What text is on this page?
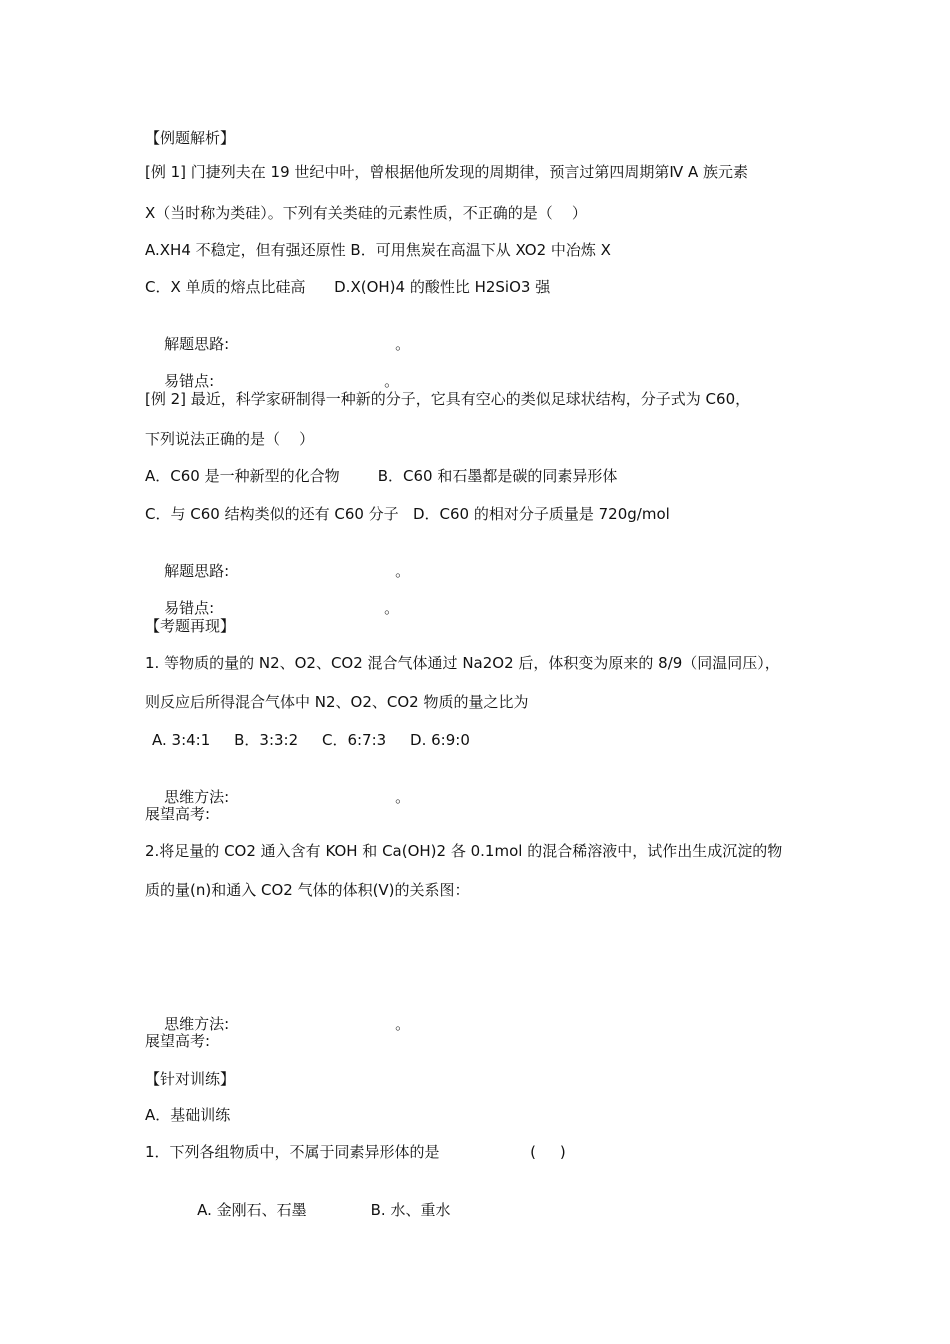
【例题解析】
[例 1] 门捷列夫在 19 世纪中叶，曾根据他所发现的周期律，预言过第四周期第Ⅳ A 族元素
X（当时称为类硅）。下列有关类硅的元素性质，不正确的是（    ）
A.XH4 不稳定，但有强还原性 B．可用焦炭在高温下从 XO2 中冶炼 X
C．X 单质的熔点比硅高      D.X(OH)4 的酸性比 H2SiO3 强

解题思路:	。

易错点:	。

[例 2] 最近，科学家研制得一种新的分子，它具有空心的类似足球状结构，分子式为 C60，
下列说法正确的是（    ）
A．C60 是一种新型的化合物        B．C60 和石墨都是碳的同素异形体
C．与 C60 结构类似的还有 C60 分子   D．C60 的相对分子质量是 720g/mol

解题思路:	。

易错点:	。

【考题再现】
1. 等物质的量的 N2、O2、CO2 混合气体通过 Na2O2 后，体积变为原来的 8/9（同温同压），
则反应后所得混合气体中 N2、O2、CO2 物质的量之比为
A. 3:4:1     B．3:3:2     C．6:7:3     D. 6:9:0

思维方法:	。

展望高考:
2.将足量的 CO2 通入含有 KOH 和 Ca(OH)2 各 0.1mol 的混合稀溶液中，试作出生成沉淀的物
质的量(n)和通入 CO2 气体的体积(V)的关系图：

思维方法:	。

展望高考:
【针对训练】
A．基础训练
1．下列各组物质中，不属于同素异形体的是                   (     )

A. 金刚石、石墨	B. 水、重水
